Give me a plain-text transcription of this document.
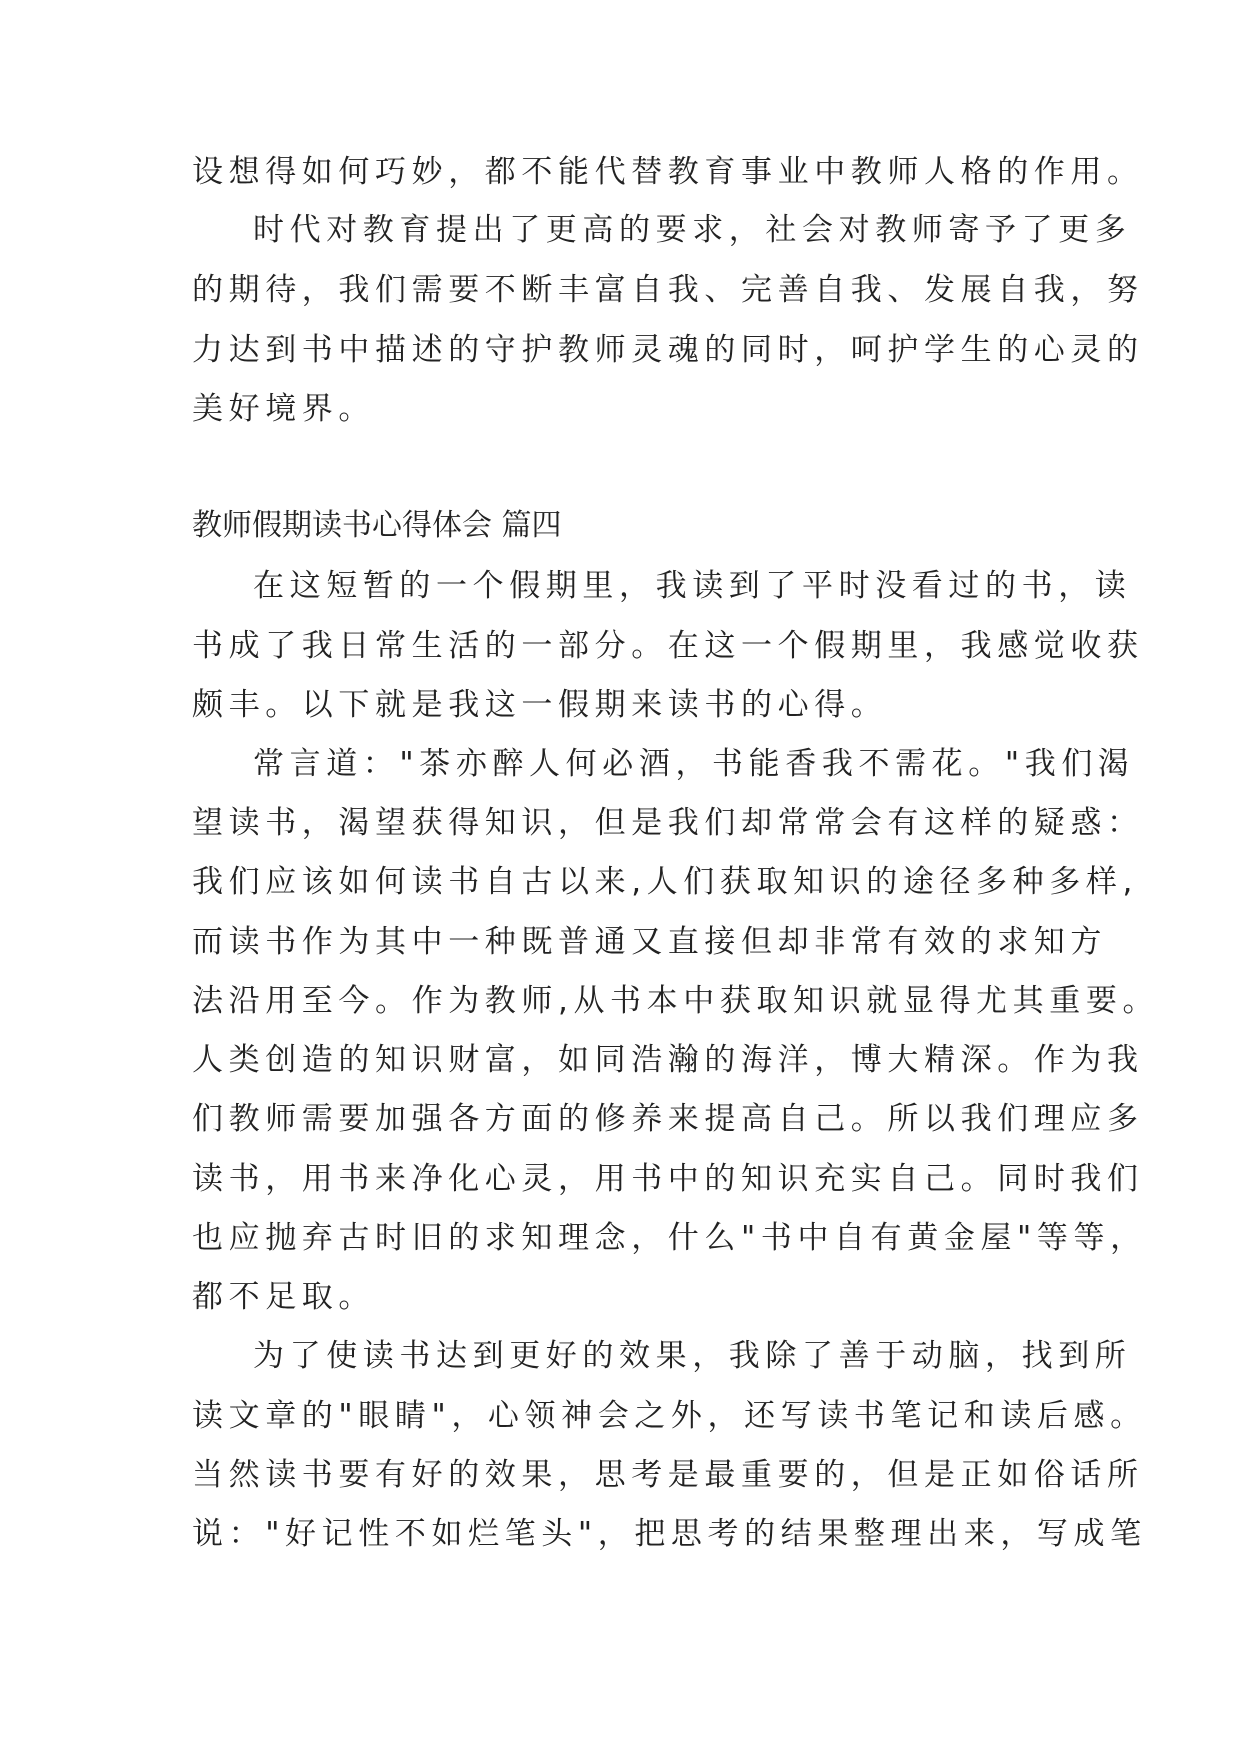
设想得如何巧妙，都不能代替教育事业中教师人格的作用。
时代对教育提出了更高的要求，社会对教师寄予了更多
的期待，我们需要不断丰富自我、完善自我、发展自我，努
力达到书中描述的守护教师灵魂的同时，呵护学生的心灵的
美好境界。
教师假期读书心得体会 篇四
在这短暂的一个假期里，我读到了平时没看过的书，读
书成了我日常生活的一部分。在这一个假期里，我感觉收获
颇丰。以下就是我这一假期来读书的心得。
常言道："茶亦醉人何必酒，书能香我不需花。"我们渴
望读书，渴望获得知识，但是我们却常常会有这样的疑惑：
我们应该如何读书自古以来,人们获取知识的途径多种多样,
而读书作为其中一种既普通又直接但却非常有效的求知方
法沿用至今。作为教师,从书本中获取知识就显得尤其重要。
人类创造的知识财富，如同浩瀚的海洋，博大精深。作为我
们教师需要加强各方面的修养来提高自己。所以我们理应多
读书，用书来净化心灵，用书中的知识充实自己。同时我们
也应抛弃古时旧的求知理念，什么"书中自有黄金屋"等等，
都不足取。
为了使读书达到更好的效果，我除了善于动脑，找到所
读文章的"眼睛"，心领神会之外，还写读书笔记和读后感。
当然读书要有好的效果，思考是最重要的，但是正如俗话所
说："好记性不如烂笔头"，把思考的结果整理出来，写成笔
